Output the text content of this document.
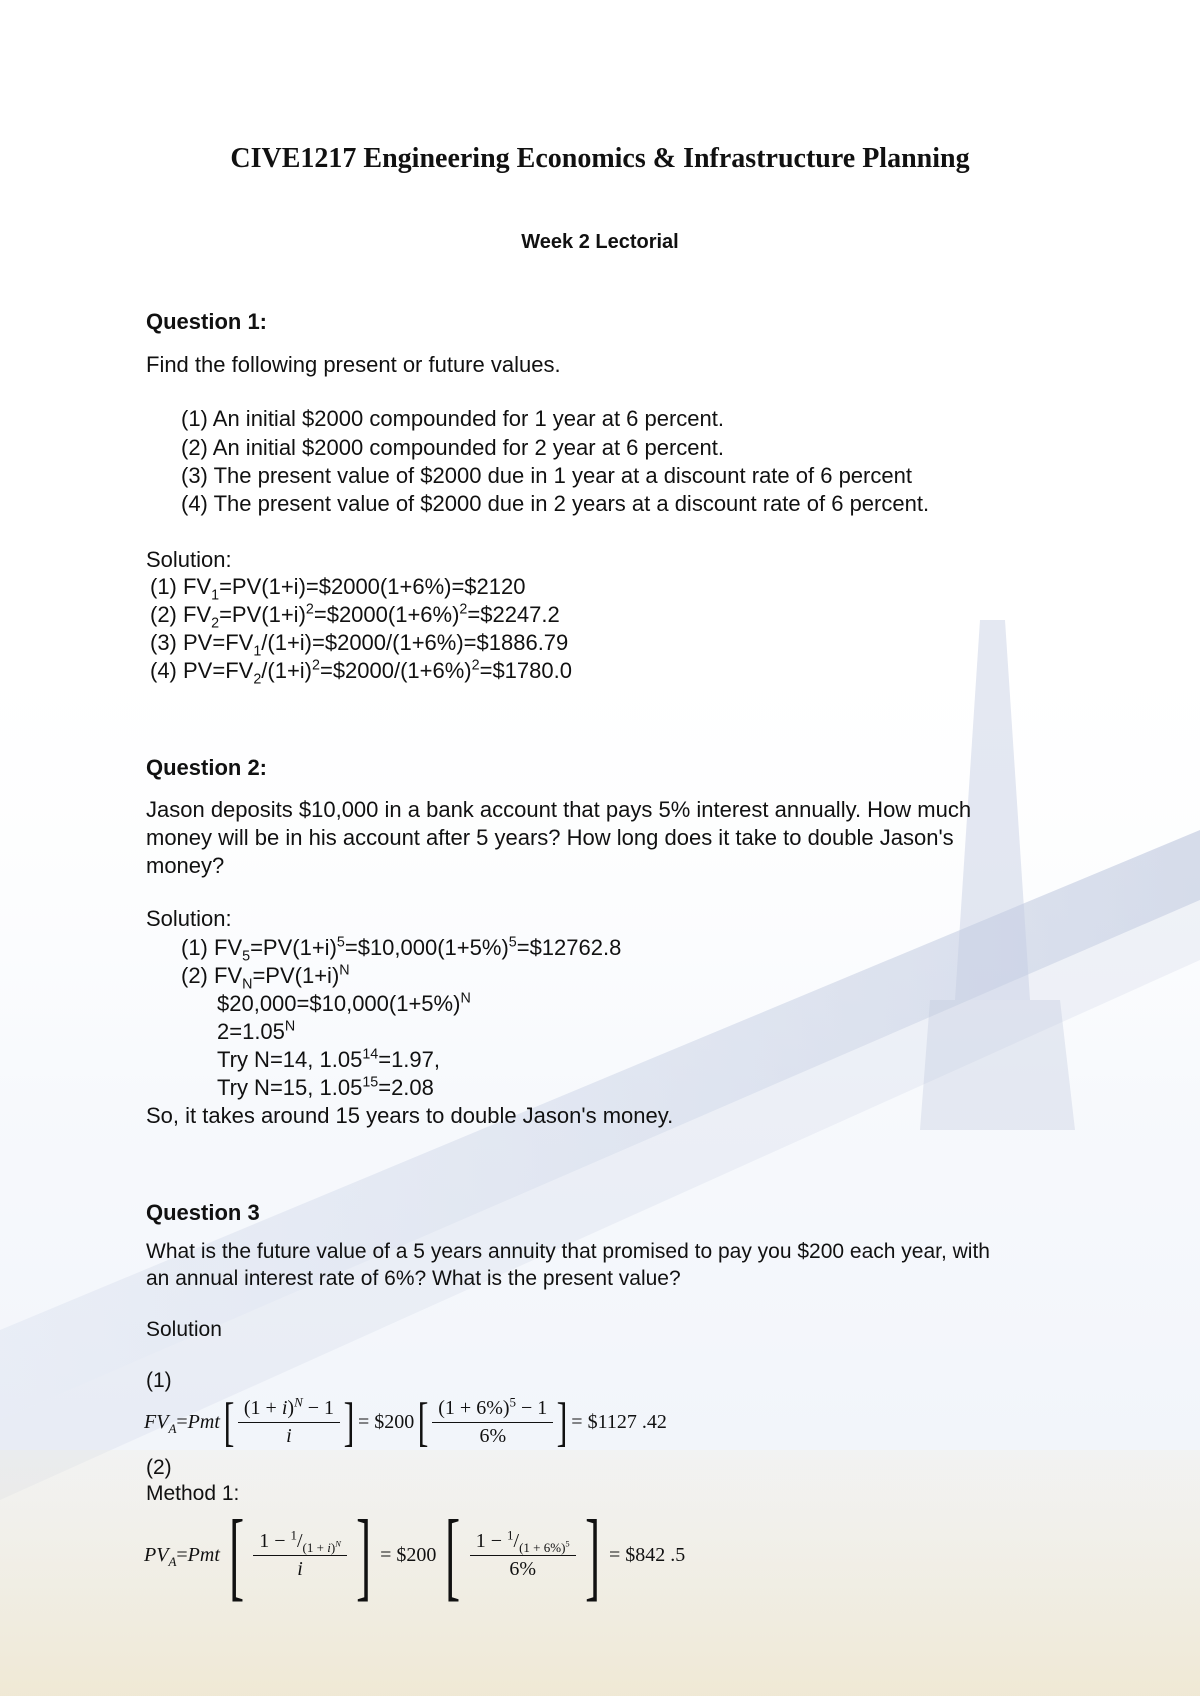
CIVE1217 Engineering Economics & Infrastructure Planning
Week 2 Lectorial
Question 1:
Find the following present or future values.
(1) An initial $2000 compounded for 1 year at 6 percent.
(2) An initial $2000 compounded for 2 year at 6 percent.
(3) The present value of $2000 due in 1 year at a discount rate of 6 percent
(4) The present value of $2000 due in 2 years at a discount rate of 6 percent.
Solution:
(1) $FV_1=PV(1+i)=\$2000(1+6\%)=\$2120$
(2) $FV_2=PV(1+i)^2=\$2000(1+6\%)^2=\$2247.2$
(3) $PV=FV_1/(1+i)=\$2000/(1+6\%)=\$1886.79$
(4) $PV=FV_2/(1+i)^2=\$2000/(1+6\%)^2=\$1780.0$
Question 2:
Jason deposits $10,000 in a bank account that pays 5% interest annually. How much
money will be in his account after 5 years? How long does it take to double Jason's
money?
Solution:
(1) $FV_5=PV(1+i)^5=\$10,000(1+5\%)^5=\$12762.8$
(2) $FV_N=PV(1+i)^N$
$\$20,000=\$10,000(1+5\%)^N$
$2=1.05^N$
Try N=14, $1.05^{14}=1.97$,
Try N=15, $1.05^{15}=2.08$
So, it takes around 15 years to double Jason's money.
Question 3
What is the future value of a 5 years annuity that promised to pay you $200 each year, with
an annual interest rate of 6%? What is the present value?
Solution
(1)
$FV_A$ = Pmt [ $\frac{(1 + i)^N - 1}{i}$ ] = $200 [ $\frac{(1 + 6\%)^5 - 1}{6\%}$ ] = $1127 .42
(2)
Method 1:
$PV_A$ = Pmt [ $\frac{1 - ^1/_{(1 + i)^N}}{i}$ ] = $200 [ $\frac{1 - ^1/_{(1 + 6\%)^5}}{6\%}$ ] = $842 .5
